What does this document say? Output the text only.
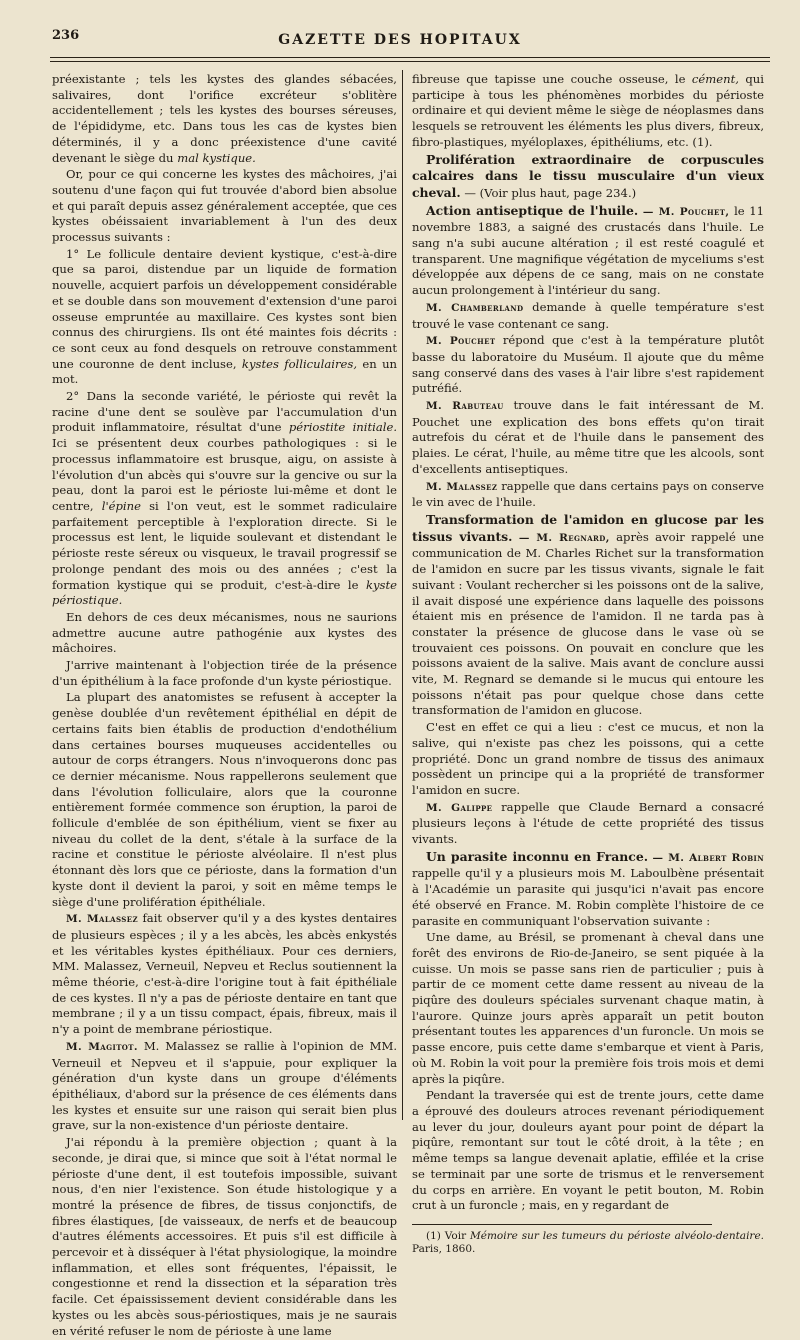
236	GAZETTE DES HOPITAUX

préexistante ; tels les kystes des glandes sébacées, salivaires, dont l'orifice excréteur s'oblitère accidentellement ; tels les kystes des bourses séreuses, de l'épididyme, etc. Dans tous les cas de kystes bien déterminés, il y a donc préexistence d'une cavité devenant le siège du mal kystique.

Or, pour ce qui concerne les kystes des mâchoires, j'ai soutenu d'une façon qui fut trouvée d'abord bien absolue et qui paraît depuis assez généralement acceptée, que ces kystes obéissaient invariablement à l'un des deux processus suivants :

1° Le follicule dentaire devient kystique, c'est-à-dire que sa paroi, distendue par un liquide de formation nouvelle, acquiert parfois un développement considérable et se double dans son mouvement d'extension d'une paroi osseuse empruntée au maxillaire. Ces kystes sont bien connus des chirurgiens. Ils ont été maintes fois décrits : ce sont ceux au fond desquels on retrouve constamment une couronne de dent incluse, kystes folliculaires, en un mot.

2° Dans la seconde variété, le périoste qui revêt la racine d'une dent se soulève par l'accumulation d'un produit inflammatoire, résultat d'une périostite initiale. Ici se présentent deux courbes pathologiques : si le processus inflammatoire est brusque, aigu, on assiste à l'évolution d'un abcès qui s'ouvre sur la gencive ou sur la peau, dont la paroi est le périoste lui-même et dont le centre, l'épine si l'on veut, est le sommet radiculaire parfaitement perceptible à l'exploration directe. Si le processus est lent, le liquide soulevant et distendant le périoste reste séreux ou visqueux, le travail progressif se prolonge pendant des mois ou des années ; c'est la formation kystique qui se produit, c'est-à-dire le kyste périostique.

En dehors de ces deux mécanismes, nous ne saurions admettre aucune autre pathogénie aux kystes des mâchoires.

J'arrive maintenant à l'objection tirée de la présence d'un épithélium à la face profonde d'un kyste périostique.

La plupart des anatomistes se refusent à accepter la genèse doublée d'un revêtement épithélial en dépit de certains faits bien établis de production d'endothélium dans certaines bourses muqueuses accidentelles ou autour de corps étrangers. Nous n'invoquerons donc pas ce dernier mécanisme. Nous rappellerons seulement que dans l'évolution folliculaire, alors que la couronne entièrement formée commence son éruption, la paroi de follicule d'emblée de son épithélium, vient se fixer au niveau du collet de la dent, s'étale à la surface de la racine et constitue le périoste alvéolaire. Il n'est plus étonnant dès lors que ce périoste, dans la formation d'un kyste dont il devient la paroi, y soit en même temps le siège d'une prolifération épithéliale.

M. Malassez fait observer qu'il y a des kystes dentaires de plusieurs espèces ; il y a les abcès, les abcès enkystés et les véritables kystes épithéliaux. Pour ces derniers, MM. Malassez, Verneuil, Nepveu et Reclus soutiennent la même théorie, c'est-à-dire l'origine tout à fait épithéliale de ces kystes. Il n'y a pas de périoste dentaire en tant que membrane ; il y a un tissu compact, épais, fibreux, mais il n'y a point de membrane périostique.

M. Magitot. M. Malassez se rallie à l'opinion de MM. Verneuil et Nepveu et il s'appuie, pour expliquer la génération d'un kyste dans un groupe d'éléments épithéliaux, d'abord sur la présence de ces éléments dans les kystes et ensuite sur une raison qui serait bien plus grave, sur la non-existence d'un périoste dentaire.

J'ai répondu à la première objection ; quant à la seconde, je dirai que, si mince que soit à l'état normal le périoste d'une dent, il est toutefois impossible, suivant nous, d'en nier l'existence. Son étude histologique y a montré la présence de fibres, de tissus conjonctifs, de fibres élastiques, [de vaisseaux, de nerfs et de beaucoup d'autres éléments accessoires. Et puis s'il est difficile à percevoir et à disséquer à l'état physiologique, la moindre inflammation, et elles sont fréquentes, l'épaissit, le congestionne et rend la dissection et la séparation très facile. Cet épaississement devient considérable dans les kystes ou les abcès sous-périostiques, mais je ne saurais en vérité refuser le nom de périoste à une lame

fibreuse que tapisse une couche osseuse, le cément, qui participe à tous les phénomènes morbides du périoste ordinaire et qui devient même le siège de néoplasmes dans lesquels se retrouvent les éléments les plus divers, fibreux, fibro-plastiques, myéloplaxes, épithéliums, etc. (1).

Prolifération extraordinaire de corpuscules calcaires dans le tissu musculaire d'un vieux cheval. — (Voir plus haut, page 234.)

Action antiseptique de l'huile. — M. Pouchet, le 11 novembre 1883, a saigné des crustacés dans l'huile. Le sang n'a subi aucune altération ; il est resté coagulé et transparent. Une magnifique végétation de myceliums s'est développée aux dépens de ce sang, mais on ne constate aucun prolongement à l'intérieur du sang.

M. Chamberland demande à quelle température s'est trouvé le vase contenant ce sang.

M. Pouchet répond que c'est à la température plutôt basse du laboratoire du Muséum. Il ajoute que du même sang conservé dans des vases à l'air libre s'est rapidement putréfié.

M. Rabuteau trouve dans le fait intéressant de M. Pouchet une explication des bons effets qu'on tirait autrefois du cérat et de l'huile dans le pansement des plaies. Le cérat, l'huile, au même titre que les alcools, sont d'excellents antiseptiques.

M. Malassez rappelle que dans certains pays on conserve le vin avec de l'huile.

Transformation de l'amidon en glucose par les tissus vivants. — M. Regnard, après avoir rappelé une communication de M. Charles Richet sur la transformation de l'amidon en sucre par les tissus vivants, signale le fait suivant : Voulant rechercher si les poissons ont de la salive, il avait disposé une expérience dans laquelle des poissons étaient mis en présence de l'amidon. Il ne tarda pas à constater la présence de glucose dans le vase où se trouvaient ces poissons. On pouvait en conclure que les poissons avaient de la salive. Mais avant de conclure aussi vite, M. Regnard se demande si le mucus qui entoure les poissons n'était pas pour quelque chose dans cette transformation de l'amidon en glucose.

C'est en effet ce qui a lieu : c'est ce mucus, et non la salive, qui n'existe pas chez les poissons, qui a cette propriété. Donc un grand nombre de tissus des animaux possèdent un principe qui a la propriété de transformer l'amidon en sucre.

M. Galippe rappelle que Claude Bernard a consacré plusieurs leçons à l'étude de cette propriété des tissus vivants.

Un parasite inconnu en France. — M. Albert Robin rappelle qu'il y a plusieurs mois M. Laboulbène présentait à l'Académie un parasite qui jusqu'ici n'avait pas encore été observé en France. M. Robin complète l'histoire de ce parasite en communiquant l'observation suivante :

Une dame, au Brésil, se promenant à cheval dans une forêt des environs de Rio-de-Janeiro, se sent piquée à la cuisse. Un mois se passe sans rien de particulier ; puis à partir de ce moment cette dame ressent au niveau de la piqûre des douleurs spéciales survenant chaque matin, à l'aurore. Quinze jours après apparaît un petit bouton présentant toutes les apparences d'un furoncle. Un mois se passe encore, puis cette dame s'embarque et vient à Paris, où M. Robin la voit pour la première fois trois mois et demi après la piqûre.

Pendant la traversée qui est de trente jours, cette dame a éprouvé des douleurs atroces revenant périodiquement au lever du jour, douleurs ayant pour point de départ la piqûre, remontant sur tout le côté droit, à la tête ; en même temps sa langue devenait aplatie, effilée et la crise se terminait par une sorte de trismus et le renversement du corps en arrière. En voyant le petit bouton, M. Robin crut à un furoncle ; mais, en y regardant de

(1) Voir Mémoire sur les tumeurs du périoste alvéolo-dentaire. Paris, 1860.
